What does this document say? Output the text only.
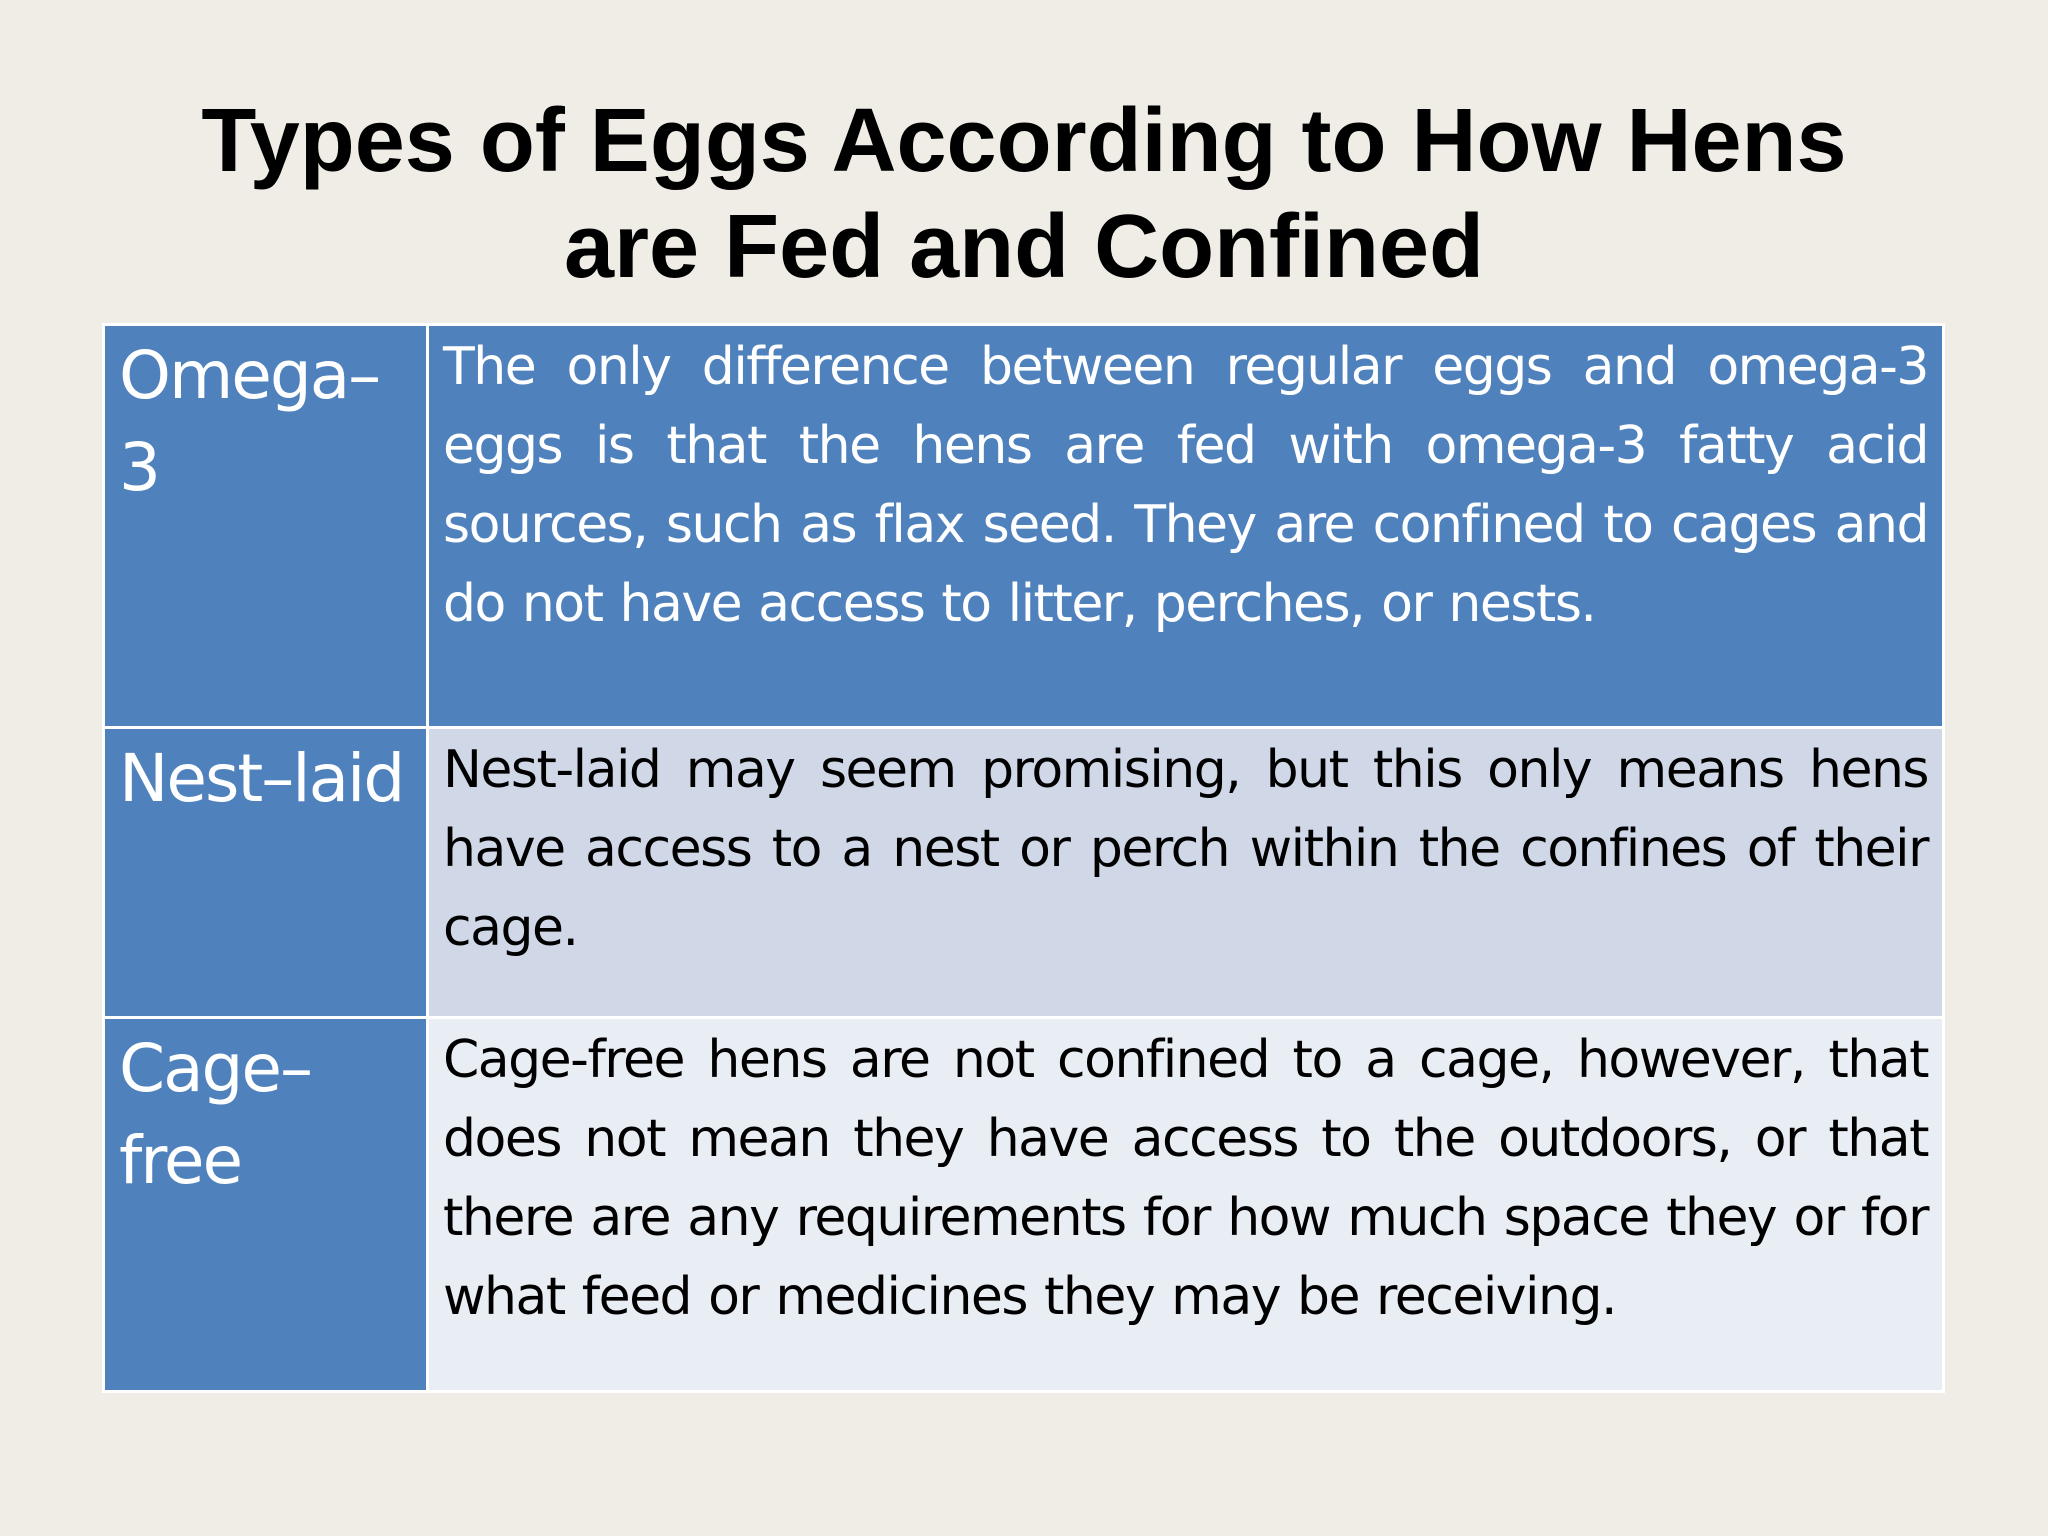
Types of Eggs According to How Hens
are Fed and Confined
Omega–3	The only difference between regular eggs and omega-3 eggs is that the hens are fed with omega-3 fatty acid sources, such as flax seed. They are confined to cages and do not have access to litter, perches, or nests.
Nest–laid	Nest-laid may seem promising, but this only means hens have access to a nest or perch within the confines of their cage.
Cage–free	Cage-free hens are not confined to a cage, however, that does not mean they have access to the outdoors, or that there are any requirements for how much space they or for what feed or medicines they may be receiving.
